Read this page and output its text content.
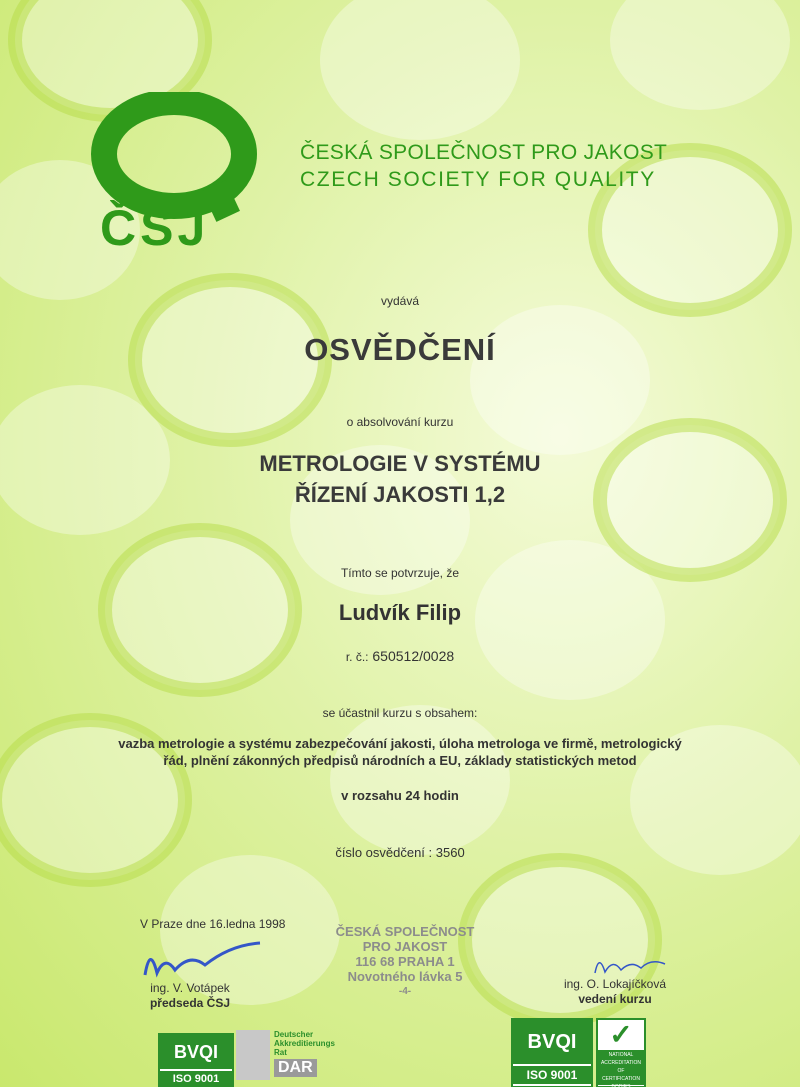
ČSJ
ČESKÁ SPOLEČNOST PRO JAKOST
CZECH SOCIETY FOR QUALITY
vydává
OSVĚDČENÍ
o absolvování kurzu
METROLOGIE V SYSTÉMU
ŘÍZENÍ JAKOSTI 1,2
Tímto se potvrzuje, že
Ludvík Filip
r. č.: 650512/0028
se účastnil kurzu s obsahem:
vazba metrologie a systému zabezpečování jakosti, úloha metrologa ve firmě, metrologický
řád, plnění zákonných předpisů národních a EU, základy statistických metod
v rozsahu 24 hodin
číslo osvědčení : 3560
V Praze dne 16.ledna 1998	ČESKÁ SPOLEČNOST
PRO JAKOST
116 68 PRAHA 1
Novotného lávka 5
-4-
ing. V. Votápek
předseda ČSJ
ing. O. Lokajíčková
vedení kurzu
BVQI
ISO 9001
Deutscher
Akkreditierungs
Rat
DAR
BVQI
ISO 9001
✓
NATIONAL
ACCREDITATION
OF CERTIFICATION
BODIES
